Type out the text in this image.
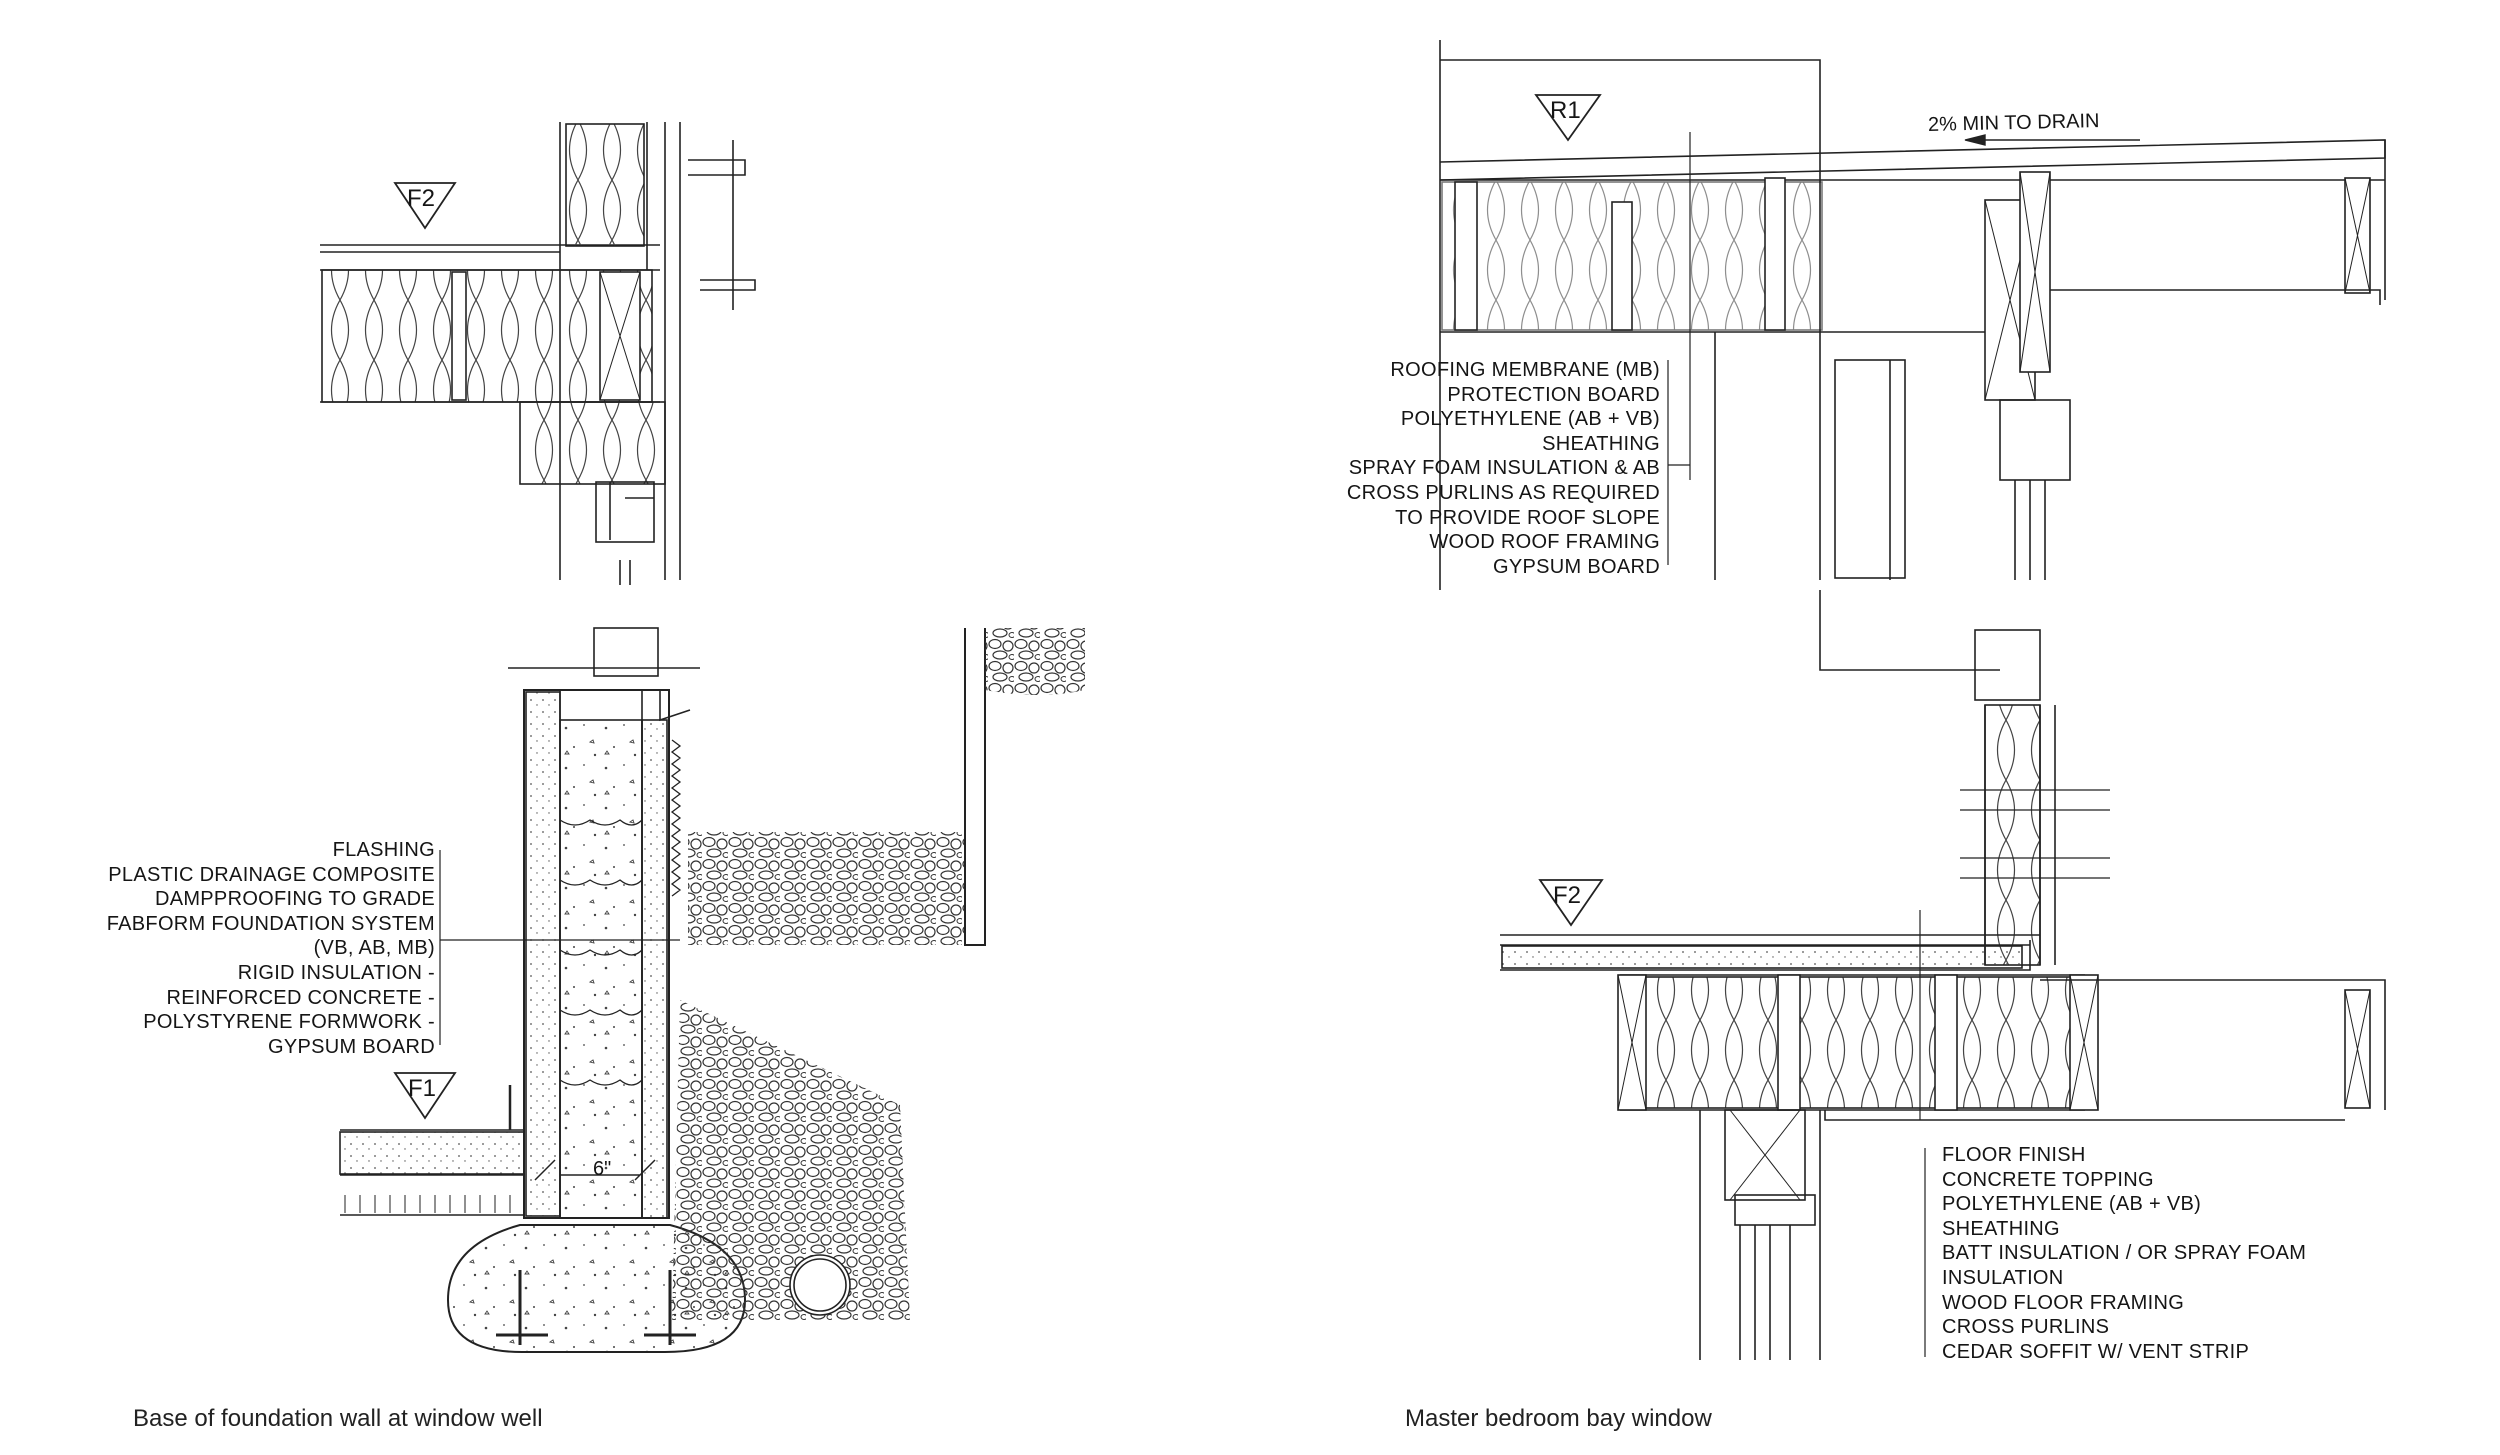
F2
F1
R1
F2
6"
2% MIN TO DRAIN
FLASHING
PLASTIC DRAINAGE COMPOSITE
DAMPPROOFING TO GRADE
FABFORM FOUNDATION SYSTEM
(VB, AB, MB)
RIGID INSULATION -
REINFORCED CONCRETE -
POLYSTYRENE FORMWORK -
GYPSUM BOARD
ROOFING MEMBRANE (MB)
PROTECTION BOARD
POLYETHYLENE (AB + VB)
SHEATHING
SPRAY FOAM INSULATION & AB
CROSS PURLINS AS REQUIRED
TO PROVIDE ROOF SLOPE
WOOD ROOF FRAMING
GYPSUM BOARD
FLOOR FINISH
CONCRETE TOPPING
POLYETHYLENE (AB + VB)
SHEATHING
BATT INSULATION / OR SPRAY FOAM
INSULATION
WOOD FLOOR FRAMING
CROSS PURLINS
CEDAR SOFFIT W/ VENT STRIP
Base of foundation wall at window well	Master bedroom bay window
